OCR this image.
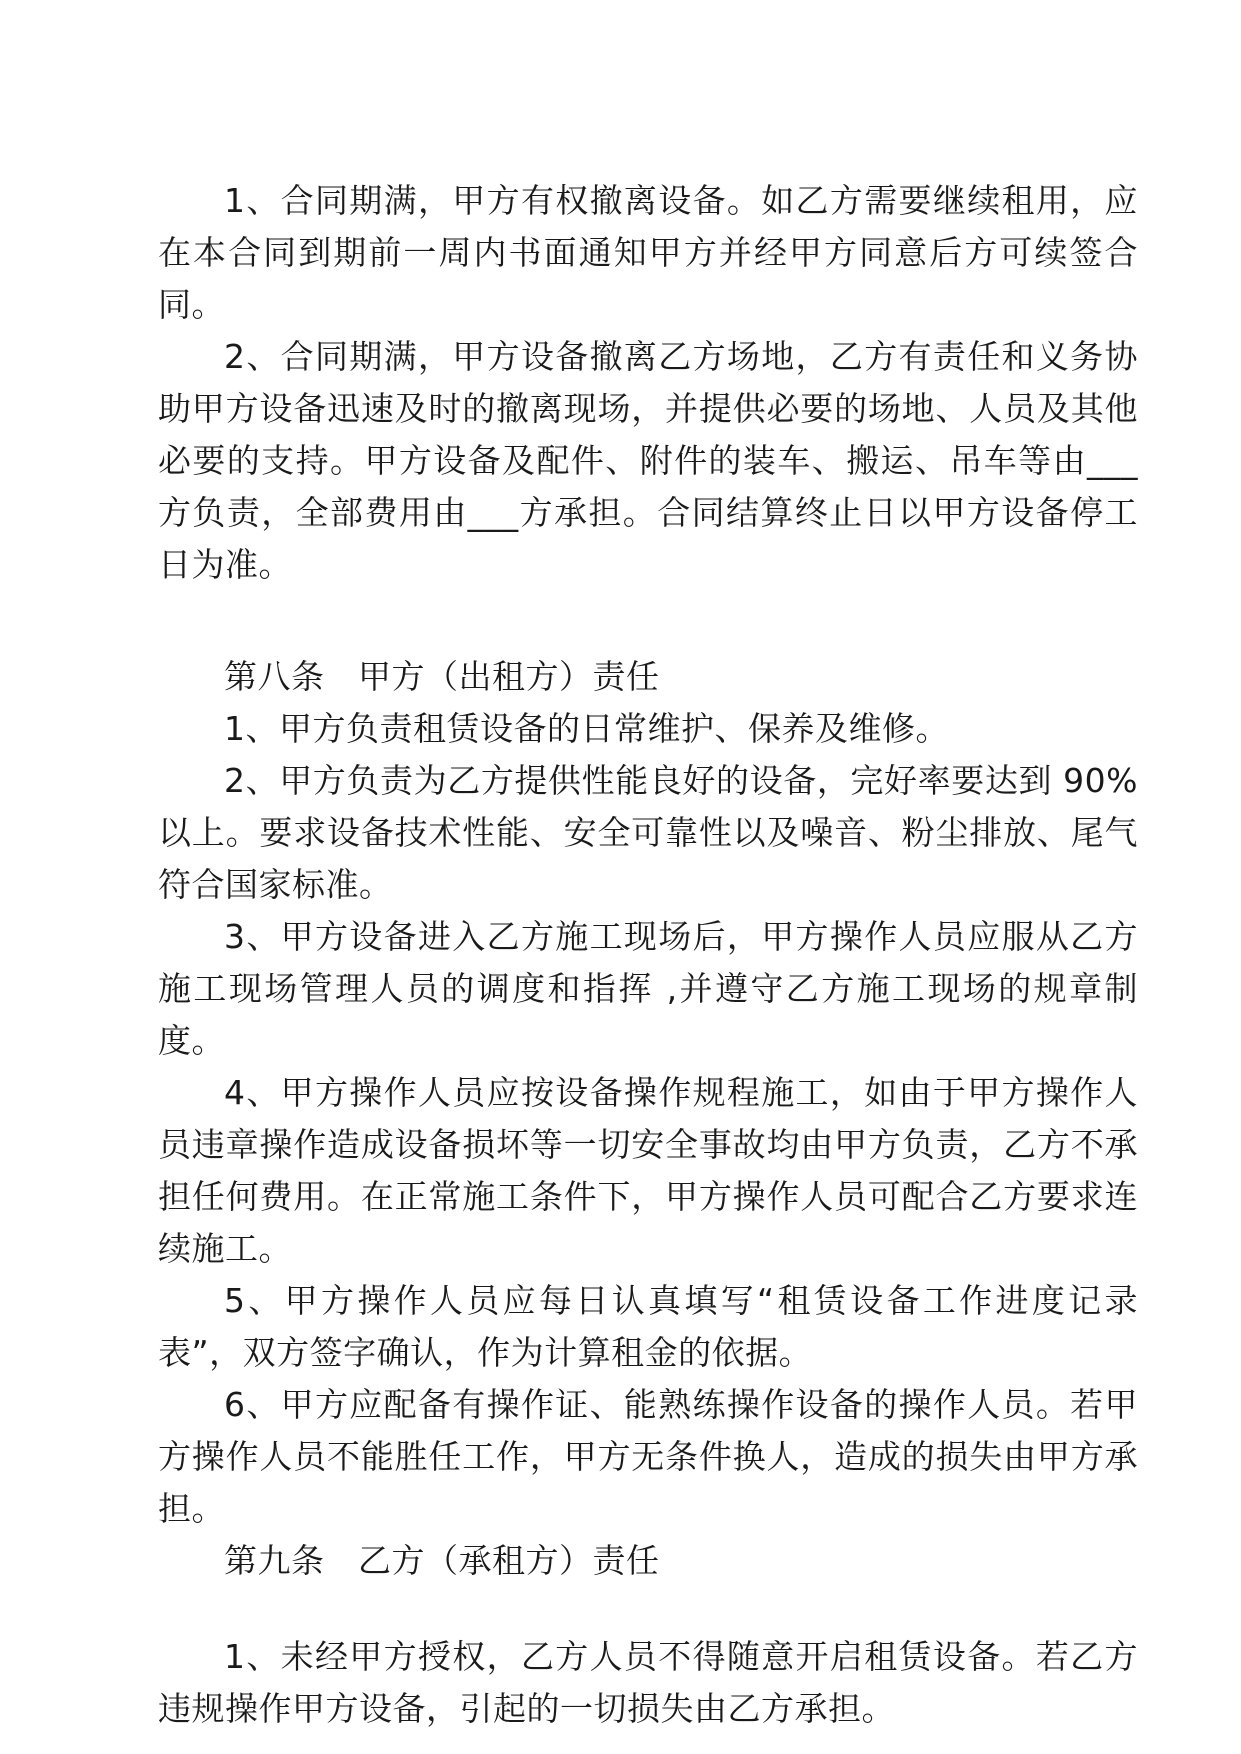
1、合同期满，甲方有权撤离设备。如乙方需要继续租用，应在本合同到期前一周内书面通知甲方并经甲方同意后方可续签合同。

2、合同期满，甲方设备撤离乙方场地，乙方有责任和义务协助甲方设备迅速及时的撤离现场，并提供必要的场地、人员及其他必要的支持。甲方设备及配件、附件的装车、搬运、吊车等由___方负责，全部费用由___方承担。合同结算终止日以甲方设备停工日为准。

第八条　甲方（出租方）责任

1、甲方负责租赁设备的日常维护、保养及维修。

2、甲方负责为乙方提供性能良好的设备，完好率要达到 90%以上。要求设备技术性能、安全可靠性以及噪音、粉尘排放、尾气符合国家标准。

3、甲方设备进入乙方施工现场后，甲方操作人员应服从乙方施工现场管理人员的调度和指挥 ,并遵守乙方施工现场的规章制度。

4、甲方操作人员应按设备操作规程施工，如由于甲方操作人员违章操作造成设备损坏等一切安全事故均由甲方负责，乙方不承担任何费用。在正常施工条件下，甲方操作人员可配合乙方要求连续施工。

5、甲方操作人员应每日认真填写“租赁设备工作进度记录表”，双方签字确认，作为计算租金的依据。

6、甲方应配备有操作证、能熟练操作设备的操作人员。若甲方操作人员不能胜任工作，甲方无条件换人，造成的损失由甲方承担。

第九条　乙方（承租方）责任

1、未经甲方授权，乙方人员不得随意开启租赁设备。若乙方违规操作甲方设备，引起的一切损失由乙方承担。
